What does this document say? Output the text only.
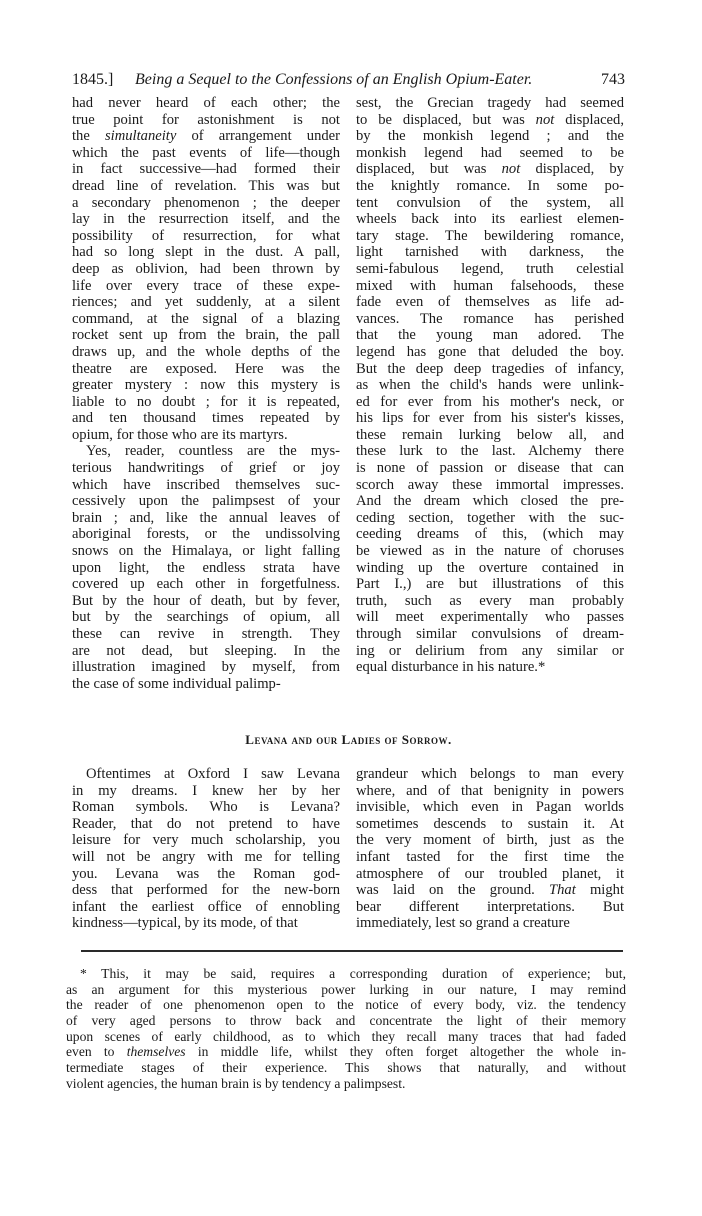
1845.] Being a Sequel to the Confessions of an English Opium-Eater.	743
had never heard of each other; the
true point for astonishment is not
the simultaneity of arrangement under
which the past events of life—though
in fact successive—had formed their
dread line of revelation. This was but
a secondary phenomenon ; the deeper
lay in the resurrection itself, and the
possibility of resurrection, for what
had so long slept in the dust. A pall,
deep as oblivion, had been thrown by
life over every trace of these expe-
riences; and yet suddenly, at a silent
command, at the signal of a blazing
rocket sent up from the brain, the pall
draws up, and the whole depths of the
theatre are exposed. Here was the
greater mystery : now this mystery is
liable to no doubt ; for it is repeated,
and ten thousand times repeated by
opium, for those who are its martyrs.
Yes, reader, countless are the mys-
terious handwritings of grief or joy
which have inscribed themselves suc-
cessively upon the palimpsest of your
brain ; and, like the annual leaves of
aboriginal forests, or the undissolving
snows on the Himalaya, or light falling
upon light, the endless strata have
covered up each other in forgetfulness.
But by the hour of death, but by fever,
but by the searchings of opium, all
these can revive in strength. They
are not dead, but sleeping. In the
illustration imagined by myself, from
the case of some individual palimp-
sest, the Grecian tragedy had seemed
to be displaced, but was not displaced,
by the monkish legend ; and the
monkish legend had seemed to be
displaced, but was not displaced, by
the knightly romance. In some po-
tent convulsion of the system, all
wheels back into its earliest elemen-
tary stage. The bewildering romance,
light tarnished with darkness, the
semi-fabulous legend, truth celestial
mixed with human falsehoods, these
fade even of themselves as life ad-
vances. The romance has perished
that the young man adored. The
legend has gone that deluded the boy.
But the deep deep tragedies of infancy,
as when the child's hands were unlink-
ed for ever from his mother's neck, or
his lips for ever from his sister's kisses,
these remain lurking below all, and
these lurk to the last. Alchemy there
is none of passion or disease that can
scorch away these immortal impresses.
And the dream which closed the pre-
ceding section, together with the suc-
ceeding dreams of this, (which may
be viewed as in the nature of choruses
winding up the overture contained in
Part I.,) are but illustrations of this
truth, such as every man probably
will meet experimentally who passes
through similar convulsions of dream-
ing or delirium from any similar or
equal disturbance in his nature.*
Levana and our Ladies of Sorrow.
Oftentimes at Oxford I saw Levana
in my dreams. I knew her by her
Roman symbols. Who is Levana?
Reader, that do not pretend to have
leisure for very much scholarship, you
will not be angry with me for telling
you. Levana was the Roman god-
dess that performed for the new-born
infant the earliest office of ennobling
kindness—typical, by its mode, of that
grandeur which belongs to man every
where, and of that benignity in powers
invisible, which even in Pagan worlds
sometimes descends to sustain it. At
the very moment of birth, just as the
infant tasted for the first time the
atmosphere of our troubled planet, it
was laid on the ground. That might
bear different interpretations. But
immediately, lest so grand a creature
* This, it may be said, requires a corresponding duration of experience; but,
as an argument for this mysterious power lurking in our nature, I may remind
the reader of one phenomenon open to the notice of every body, viz. the tendency
of very aged persons to throw back and concentrate the light of their memory
upon scenes of early childhood, as to which they recall many traces that had faded
even to themselves in middle life, whilst they often forget altogether the whole in-
termediate stages of their experience. This shows that naturally, and without
violent agencies, the human brain is by tendency a palimpsest.
